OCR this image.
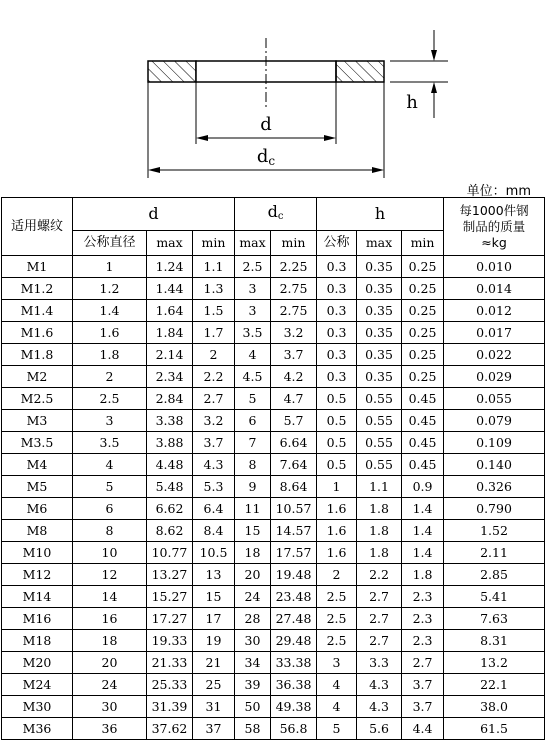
d
dc
h
单位：mm
适用螺纹	d			$d_c$		h			每1000件钢
制品的质量
≈kg

	公称直径	max	min	max	min	公称	max	min	
M1	1	1.24	1.1	2.5	2.25	0.3	0.35	0.25	0.010
M1.2	1.2	1.44	1.3	3	2.75	0.3	0.35	0.25	0.014
M1.4	1.4	1.64	1.5	3	2.75	0.3	0.35	0.25	0.012
M1.6	1.6	1.84	1.7	3.5	3.2	0.3	0.35	0.25	0.017
M1.8	1.8	2.14	2	4	3.7	0.3	0.35	0.25	0.022
M2	2	2.34	2.2	4.5	4.2	0.3	0.35	0.25	0.029
M2.5	2.5	2.84	2.7	5	4.7	0.5	0.55	0.45	0.055
M3	3	3.38	3.2	6	5.7	0.5	0.55	0.45	0.079
M3.5	3.5	3.88	3.7	7	6.64	0.5	0.55	0.45	0.109
M4	4	4.48	4.3	8	7.64	0.5	0.55	0.45	0.140
M5	5	5.48	5.3	9	8.64	1	1.1	0.9	0.326
M6	6	6.62	6.4	11	10.57	1.6	1.8	1.4	0.790
M8	8	8.62	8.4	15	14.57	1.6	1.8	1.4	1.52
M10	10	10.77	10.5	18	17.57	1.6	1.8	1.4	2.11
M12	12	13.27	13	20	19.48	2	2.2	1.8	2.85
M14	14	15.27	15	24	23.48	2.5	2.7	2.3	5.41
M16	16	17.27	17	28	27.48	2.5	2.7	2.3	7.63
M18	18	19.33	19	30	29.48	2.5	2.7	2.3	8.31
M20	20	21.33	21	34	33.38	3	3.3	2.7	13.2
M24	24	25.33	25	39	36.38	4	4.3	3.7	22.1
M30	30	31.39	31	50	49.38	4	4.3	3.7	38.0
M36	36	37.62	37	58	56.8	5	5.6	4.4	61.5
